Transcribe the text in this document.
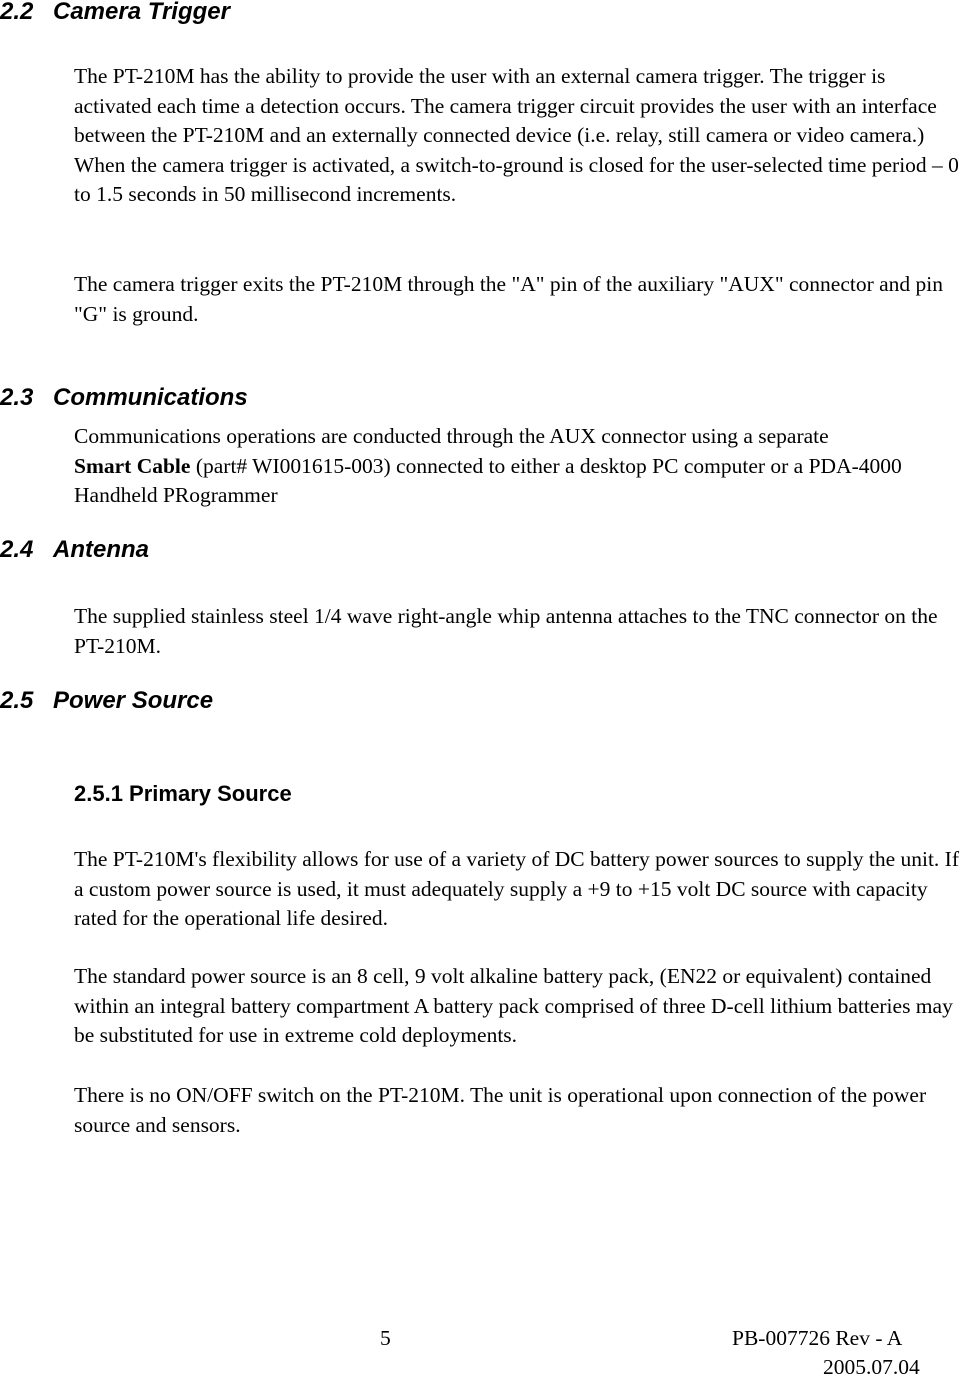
2.2 Camera Trigger

The PT-210M has the ability to provide the user with an external camera trigger. The trigger is activated each time a detection occurs. The camera trigger circuit provides the user with an interface between the PT-210M and an externally connected device (i.e. relay, still camera or video camera.) When the camera trigger is activated, a switch-to-ground is closed for the user-selected time period – 0 to 1.5 seconds in 50 millisecond increments.

The camera trigger exits the PT-210M through the "A" pin of the auxiliary "AUX" connector and pin "G" is ground.

2.3 Communications

Communications operations are conducted through the AUX connector using a separate
Smart Cable (part# WI001615-003) connected to either a desktop PC computer or a PDA-4000 Handheld PRogrammer

2.4 Antenna

The supplied stainless steel 1/4 wave right-angle whip antenna attaches to the TNC connector on the PT-210M.

2.5 Power Source
2.5.1 Primary Source

The PT-210M's flexibility allows for use of a variety of DC battery power sources to supply the unit. If a custom power source is used, it must adequately supply a +9 to +15 volt DC source with capacity rated for the operational life desired.

The standard power source is an 8 cell, 9 volt alkaline battery pack, (EN22 or equivalent) contained within an integral battery compartment A battery pack comprised of three D-cell lithium batteries may be substituted for use in extreme cold deployments.

There is no ON/OFF switch on the PT-210M. The unit is operational upon connection of the power source and sensors.

5	PB-007726 Rev - A
2005.07.04
